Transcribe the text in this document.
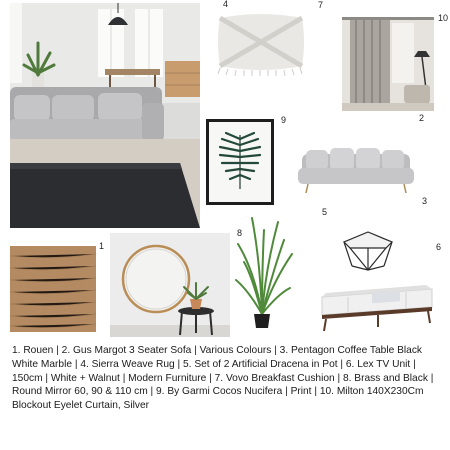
4	7
10
9	2
3
5
8
6
1
1. Rouen | 2. Gus Margot 3 Seater Sofa | Various Colours | 3. Pentagon Coffee Table Black White Marble | 4. Sierra Weave Rug | 5. Set of 2 Artificial Dracena in Pot | 6. Lex TV Unit | 150cm | White + Walnut | Modern Furniture | 7. Vovo Breakfast Cushion | 8. Brass and Black | Round Mirror 60, 90 & 110 cm | 9. By Garmi Cocos Nucifera | Print | 10. Milton 140X230Cm Blockout Eyelet Curtain, Silver
